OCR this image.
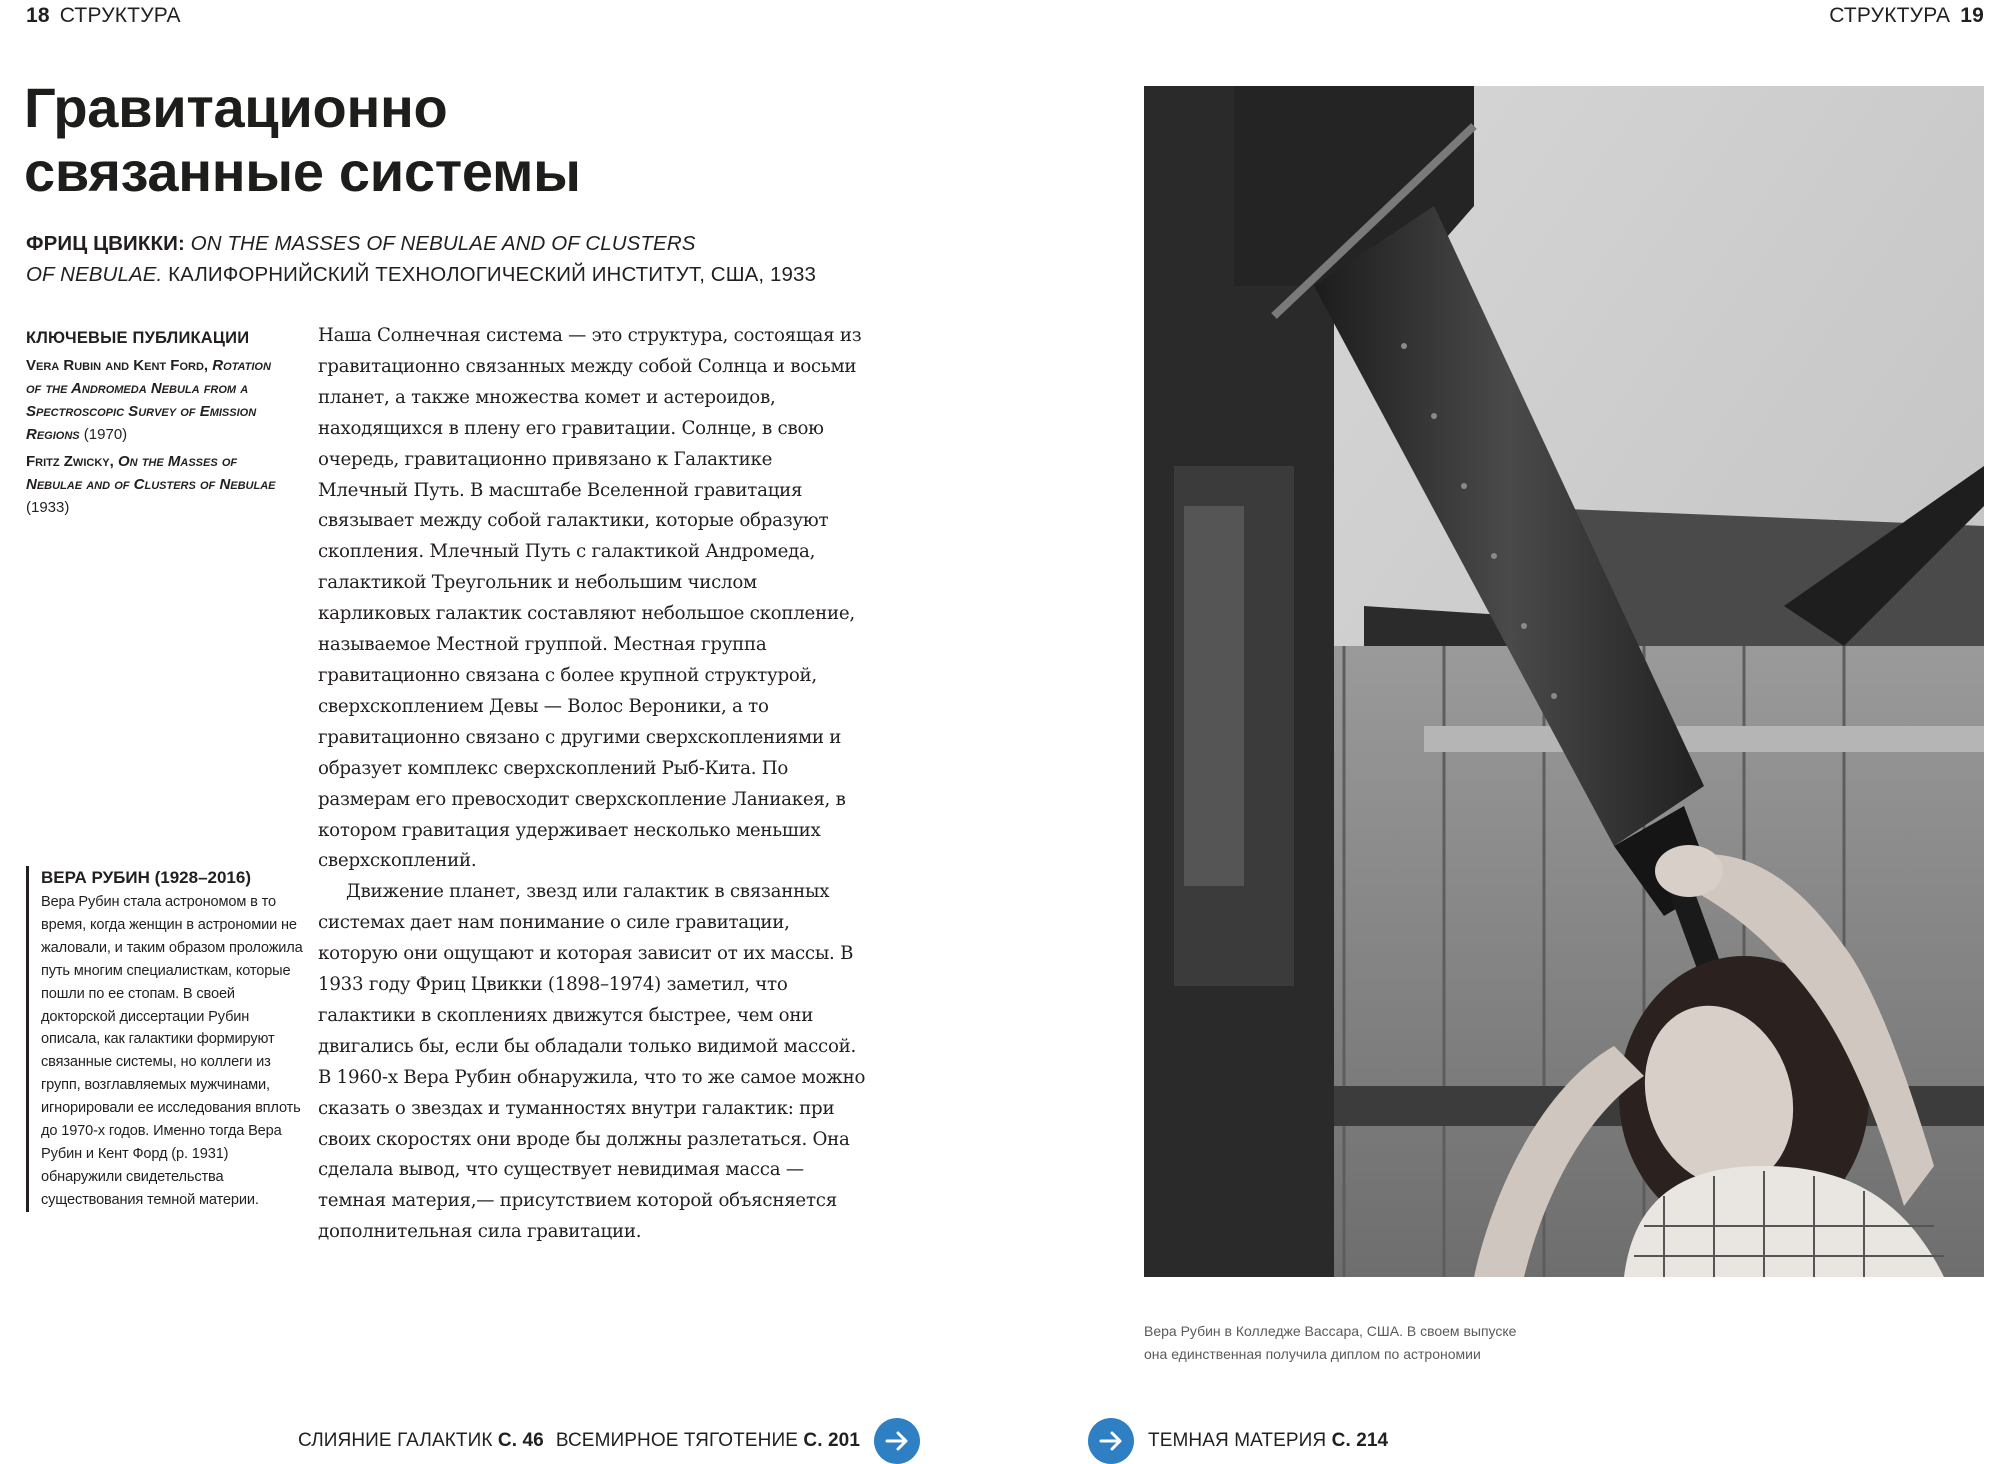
18 СТРУКТУРА	СТРУКТУРА 19
Гравитационно
связанные системы
ФРИЦ ЦВИККИ: ON THE MASSES OF NEBULAE AND OF CLUSTERS
OF NEBULAE. КАЛИФОРНИЙСКИЙ ТЕХНОЛОГИЧЕСКИЙ ИНСТИТУТ, США, 1933
КЛЮЧЕВЫЕ ПУБЛИКАЦИИ
Vera Rubin and Kent Ford, Rotation of the Andromeda Nebula from a Spectroscopic Survey of Emission Regions (1970)
Fritz Zwicky, On the Masses of Nebulae and of Clusters of Nebulae (1933)
ВЕРА РУБИН (1928–2016)
Вера Рубин стала астрономом в то время, когда женщин в астрономии не жаловали, и таким образом проложила путь многим специалисткам, которые пошли по ее стопам. В своей докторской диссертации Рубин описала, как галактики формируют связанные системы, но коллеги из групп, возглавляемых мужчинами, игнорировали ее исследования вплоть до 1970-х годов. Именно тогда Вера Рубин и Кент Форд (р. 1931) обнаружили свидетельства существования темной материи.

Наша Солнечная система — это структура, состоящая из гравитационно связанных между собой Солнца и восьми планет, а также множества комет и астероидов, находящихся в плену его гравитации. Солнце, в свою очередь, гравитационно привязано к Галактике Млечный Путь. В масштабе Вселенной гравитация связывает между собой галактики, которые образуют скопления. Млечный Путь с галактикой Андромеда, галактикой Треугольник и небольшим числом карликовых галактик составляют небольшое скопление, называемое Местной группой. Местная группа гравитационно связана с более крупной структурой, сверхскоплением Девы — Волос Вероники, а то гравитационно связано с другими сверхскоплениями и образует комплекс сверхскоплений Рыб-Кита. По размерам его превосходит сверхскопление Ланиакея, в котором гравитация удерживает несколько меньших сверхскоплений.

Движение планет, звезд или галактик в связанных системах дает нам понимание о силе гравитации, которую они ощущают и которая зависит от их массы. В 1933 году Фриц Цвикки (1898–1974) заметил, что галактики в скоплениях движутся быстрее, чем они двигались бы, если бы обладали только видимой массой. В 1960-х Вера Рубин обнаружила, что то же самое можно сказать о звездах и туманностях внутри галактик: при своих скоростях они вроде бы должны разлетаться. Она сделала вывод, что существует невидимая масса — темная материя,— присутствием которой объясняется дополнительная сила гравитации.

Вера Рубин в Колледже Вассара, США. В своем выпуске
она единственная получила диплом по астрономии
СЛИЯНИЕ ГАЛАКТИК С. 46 ВСЕМИРНОЕ ТЯГОТЕНИЕ С. 201	ТЕМНАЯ МАТЕРИЯ С. 214
